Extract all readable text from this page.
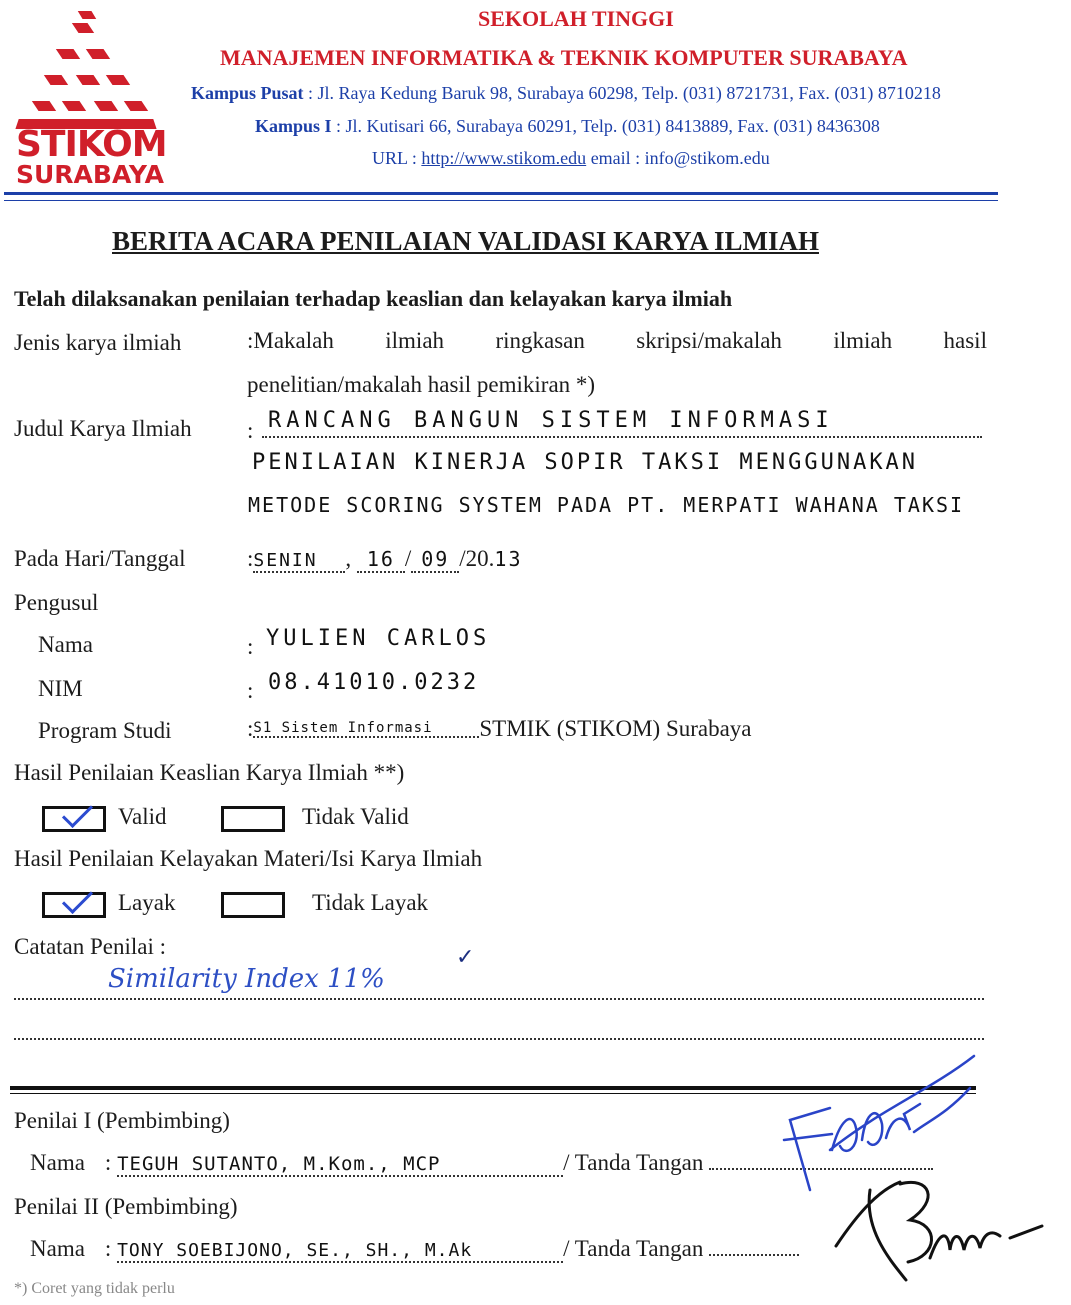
STIKOM
SURABAYA
SEKOLAH TINGGI
MANAJEMEN INFORMATIKA & TEKNIK KOMPUTER SURABAYA
Kampus Pusat : Jl. Raya Kedung Baruk 98, Surabaya 60298, Telp. (031) 8721731, Fax. (031) 8710218
Kampus I : Jl. Kutisari 66, Surabaya 60291, Telp. (031) 8413889, Fax. (031) 8436308
URL : http://www.stikom.edu email : info@stikom.edu
BERITA ACARA PENILAIAN VALIDASI KARYA ILMIAH
Telah dilaksanakan penilaian terhadap keaslian dan kelayakan karya ilmiah
Jenis karya ilmiah	:Makalah ilmiah ringkasan skripsi/makalah ilmiah hasil
penelitian/makalah hasil pemikiran *)
Judul Karya Ilmiah : RANCANG BANGUN SISTEM INFORMASI
PENILAIAN KINERJA SOPIR TAKSI MENGGUNAKAN
METODE SCORING SYSTEM PADA PT. MERPATI WAHANA TAKSI
Pada Hari/Tanggal	:SENIN , 16 / 09 /20.13
Pengusul
Nama	: YULIEN CARLOS
NIM	: 08.41010.0232
Program Studi	:S1 Sistem Informasi STMIK (STIKOM) Surabaya
Hasil Penilaian Keaslian Karya Ilmiah **)
Valid	Tidak Valid
Hasil Penilaian Kelayakan Materi/Isi Karya Ilmiah
Layak	Tidak Layak
Catatan Penilai :
Similarity Index 11%
✓
Penilai I (Pembimbing)
Nama : TEGUH SUTANTO, M.Kom., MCP	/ Tanda Tangan
Penilai II (Pembimbing)
Nama : TONY SOEBIJONO, SE., SH., M.Ak	/ Tanda Tangan
*) Coret yang tidak perlu
